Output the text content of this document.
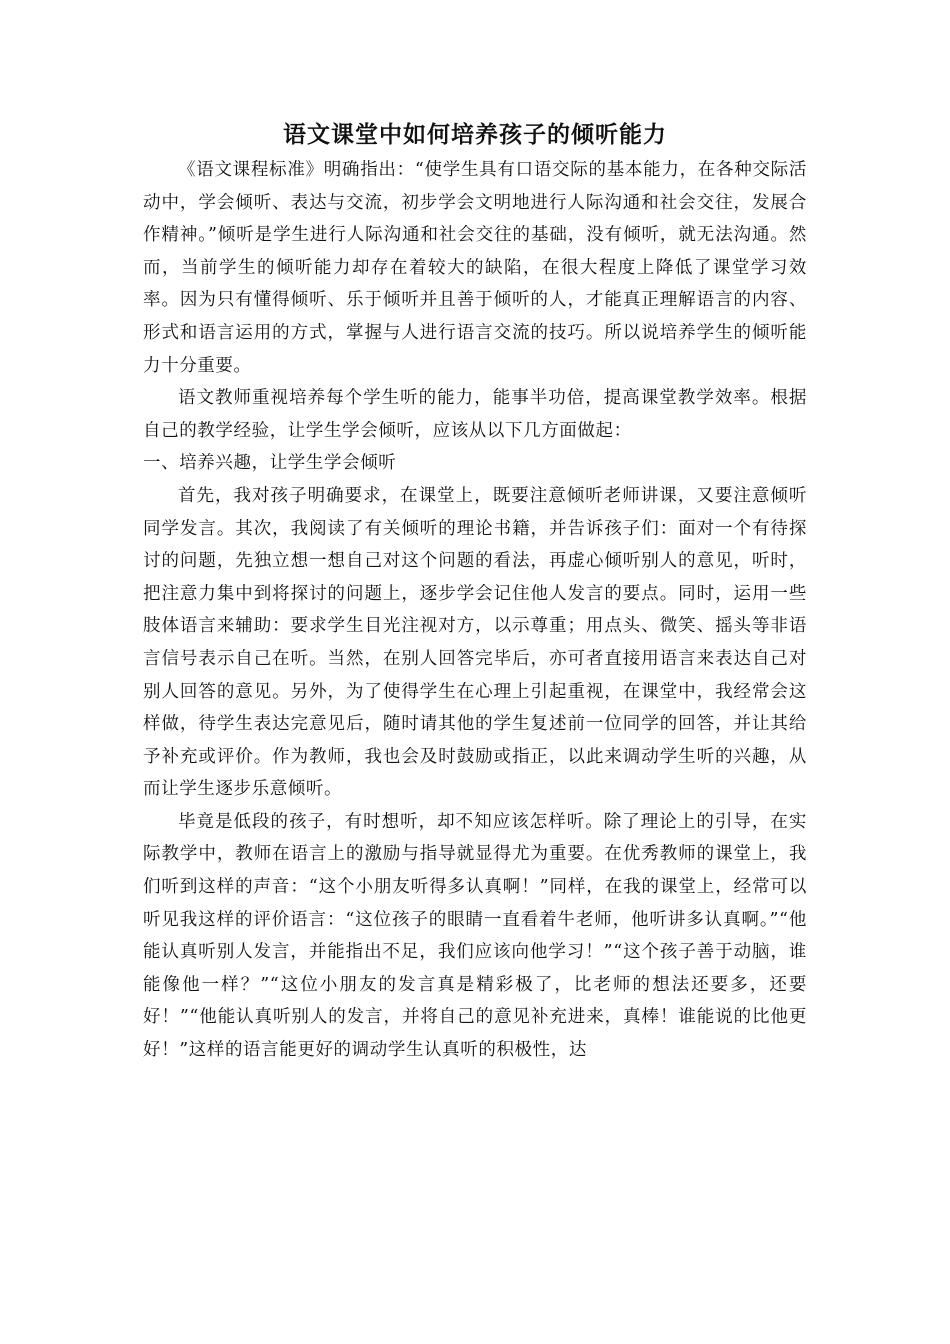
语文课堂中如何培养孩子的倾听能力

《语文课程标准》明确指出：“使学生具有口语交际的基本能力，在各种交际活动中，学会倾听、表达与交流，初步学会文明地进行人际沟通和社会交往，发展合作精神。”倾听是学生进行人际沟通和社会交往的基础，没有倾听，就无法沟通。然而，当前学生的倾听能力却存在着较大的缺陷，在很大程度上降低了课堂学习效率。因为只有懂得倾听、乐于倾听并且善于倾听的人，才能真正理解语言的内容、形式和语言运用的方式，掌握与人进行语言交流的技巧。所以说培养学生的倾听能力十分重要。

语文教师重视培养每个学生听的能力，能事半功倍，提高课堂教学效率。根据自己的教学经验，让学生学会倾听，应该从以下几方面做起：

一、培养兴趣，让学生学会倾听

首先，我对孩子明确要求，在课堂上，既要注意倾听老师讲课，又要注意倾听同学发言。其次，我阅读了有关倾听的理论书籍，并告诉孩子们：面对一个有待探讨的问题，先独立想一想自己对这个问题的看法，再虚心倾听别人的意见，听时，把注意力集中到将探讨的问题上，逐步学会记住他人发言的要点。同时，运用一些肢体语言来辅助：要求学生目光注视对方，以示尊重；用点头、微笑、摇头等非语言信号表示自己在听。当然，在别人回答完毕后，亦可者直接用语言来表达自己对别人回答的意见。另外，为了使得学生在心理上引起重视，在课堂中，我经常会这样做，待学生表达完意见后，随时请其他的学生复述前一位同学的回答，并让其给予补充或评价。作为教师，我也会及时鼓励或指正，以此来调动学生听的兴趣，从而让学生逐步乐意倾听。

毕竟是低段的孩子，有时想听，却不知应该怎样听。除了理论上的引导，在实际教学中，教师在语言上的激励与指导就显得尤为重要。在优秀教师的课堂上，我们听到这样的声音：“这个小朋友听得多认真啊！”同样，在我的课堂上，经常可以听见我这样的评价语言：“这位孩子的眼睛一直看着牛老师，他听讲多认真啊。”“他能认真听别人发言，并能指出不足，我们应该向他学习！”“这个孩子善于动脑，谁能像他一样？”“这位小朋友的发言真是精彩极了，比老师的想法还要多，还要好！”“他能认真听别人的发言，并将自己的意见补充进来，真棒！谁能说的比他更好！”这样的语言能更好的调动学生认真听的积极性，达
